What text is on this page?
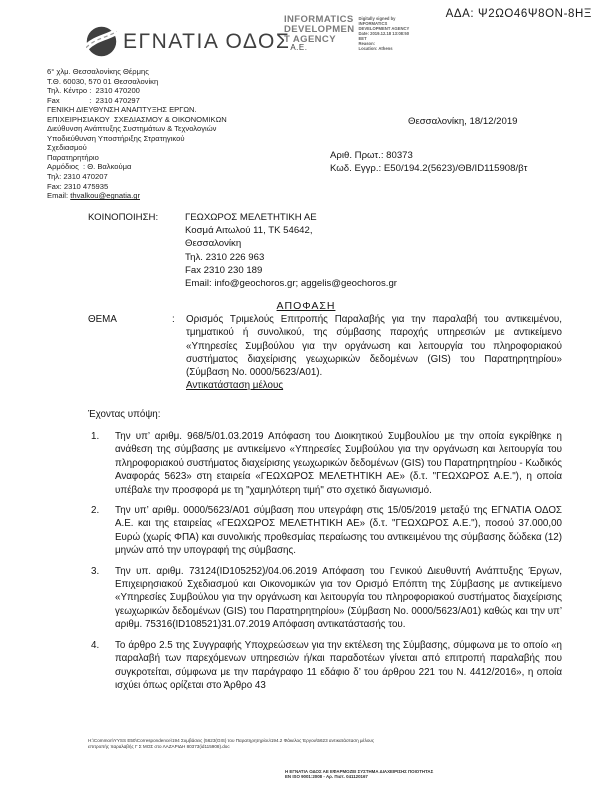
ΑΔΑ: Ψ2ΩΟ46Ψ8ΟΝ-8ΗΞ
ΕΓΝΑΤΙΑ ΟΔΟΣΑ.Ε.
INFORMATICS
DEVELOPMEN
T AGENCY
Digitally signed by
INFORMATICS
DEVELOPMENT AGENCY
Date: 2019.12.18 13:08:50
EET
Reason:
Location: Athens
6° χλμ. Θεσσαλονίκης Θέρμης
Τ.Θ. 60030, 570 01 Θεσσαλονίκη
Τηλ. Κέντρο :  2310 470200
Fax              :  2310 470297
ΓΕΝΙΚΗ ΔΙΕΥΘΥΝΣΗ ΑΝΑΠΤΥΞΗΣ ΕΡΓΩΝ.
ΕΠΙΧΕΙΡΗΣΙΑΚΟΥ  ΣΧΕΔΙΑΣΜΟΥ & ΟΙΚΟΝΟΜΙΚΩΝ
Διεύθυνση Ανάπτυξης Συστημάτων & Τεχνολογιών
Υποδιεύθυνση Υποστήριξης Στρατηγικού
Σχεδιασμού
Παρατηρητήριο
Αρμόδιος  : Θ. Βαλκούμα
Τηλ: 2310 470207
Fax: 2310 475935
Email: thvalkou@egnatia.gr
Θεσσαλονίκη, 18/12/2019
Αριθ. Πρωτ.: 80373
Κωδ. Εγγρ.: Ε50/194.2(5623)/ΘΒ/ID115908/βτ
ΚΟΙΝΟΠΟΙΗΣΗ:	ΓΕΩΧΩΡΟΣ ΜΕΛΕΤΗΤΙΚΗ ΑΕ
Κοσμά Αιτωλού 11, ΤΚ 54642,
Θεσσαλονίκη
Τηλ. 2310 226 963
Fax 2310 230 189
Email: info@geochoros.gr; aggelis@geochoros.gr
ΑΠΟΦΑΣΗ
ΘΕΜΑ	:	Ορισμός Τριμελούς Επιτροπής Παραλαβής για την παραλαβή του αντικειμένου, τμηματικού ή συνολικού, της σύμβασης παροχής υπηρεσιών με αντικείμενο «Υπηρεσίες Συμβούλου για την οργάνωση και λειτουργία του πληροφοριακού συστήματος διαχείρισης γεωχωρικών δεδομένων (GIS) του Παρατηρητηρίου» (Σύμβαση Νο. 0000/5623/Α01).
Αντικατάσταση μέλους
Έχοντας υπόψη:
Την υπ’ αριθμ. 968/5/01.03.2019 Απόφαση του Διοικητικού Συμβουλίου με την οποία εγκρίθηκε η ανάθεση της σύμβασης με αντικείμενο «Υπηρεσίες Συμβούλου για την οργάνωση και λειτουργία του πληροφοριακού συστήματος διαχείρισης γεωχωρικών δεδομένων (GIS) του Παρατηρητηρίου - Κωδικός Αναφοράς 5623» στη εταιρεία «ΓΕΩΧΩΡΟΣ ΜΕΛΕΤΗΤΙΚΗ ΑΕ» (δ.τ. "ΓΕΩΧΩΡΟΣ Α.Ε."), η οποία υπέβαλε την προσφορά με τη "χαμηλότερη τιμή" στο σχετικό διαγωνισμό.
Την υπ’ αριθμ. 0000/5623/Α01 σύμβαση που υπεγράφη στις 15/05/2019 μεταξύ της ΕΓΝΑΤΙΑ ΟΔΟΣ Α.Ε. και της εταιρείας «ΓΕΩΧΩΡΟΣ ΜΕΛΕΤΗΤΙΚΗ ΑΕ» (δ.τ. "ΓΕΩΧΩΡΟΣ Α.Ε."), ποσού 37.000,00 Ευρώ (χωρίς ΦΠΑ) και συνολικής προθεσμίας περαίωσης του αντικειμένου της σύμβασης δώδεκα (12) μηνών από την υπογραφή της σύμβασης.
Την υπ. αριθμ. 73124(ID105252)/04.06.2019 Απόφαση του Γενικού Διευθυντή Ανάπτυξης Έργων, Επιχειρησιακού Σχεδιασμού και Οικονομικών για τον Ορισμό Επόπτη της Σύμβασης με αντικείμενο «Υπηρεσίες Συμβούλου για την οργάνωση και λειτουργία του πληροφοριακού συστήματος διαχείρισης γεωχωρικών δεδομένων (GIS) του Παρατηρητηρίου» (Σύμβαση Νο. 0000/5623/Α01) καθώς και την υπ’ αριθμ. 75316(ID108521)31.07.2019 Απόφαση αντικατάστασής του.
Το άρθρο 2.5 της Συγγραφής Υποχρεώσεων για την εκτέλεση της Σύμβασης, σύμφωνα με το οποίο «η παραλαβή των παρεχόμενων υπηρεσιών ή/και παραδοτέων γίνεται από επιτροπή παραλαβής που συγκροτείται, σύμφωνα με την παράγραφο 11 εδάφιο δ’ του άρθρου 221 του Ν. 4412/2016», η οποία ισχύει όπως ορίζεται στο Άρθρο 43
Η:\Common\YYSS E50\Correspondence\194 Συμβάσεις (5623(GIS) του Παρατηρητηρίου\194.2 Φάκελος Έργου\5623 αντικατάσταση μέλους
επιτροπής παραλαβής Γ Σ ΜΟΣ στο ΛΑΖΑΡΙΔΗ 80373(id115908).doc
Η ΕΓΝΑΤΙΑ ΟΔΟΣ ΑΕ ΕΦΑΡΜΟΖΕΙ ΣΥΣΤΗΜΑ ΔΙΑΧΕΙΡΙΣΗΣ ΠΟΙΟΤΗΤΑΣ
ΕΝ ISO 9001:2008 - Αρ. Πιστ. 041120167
